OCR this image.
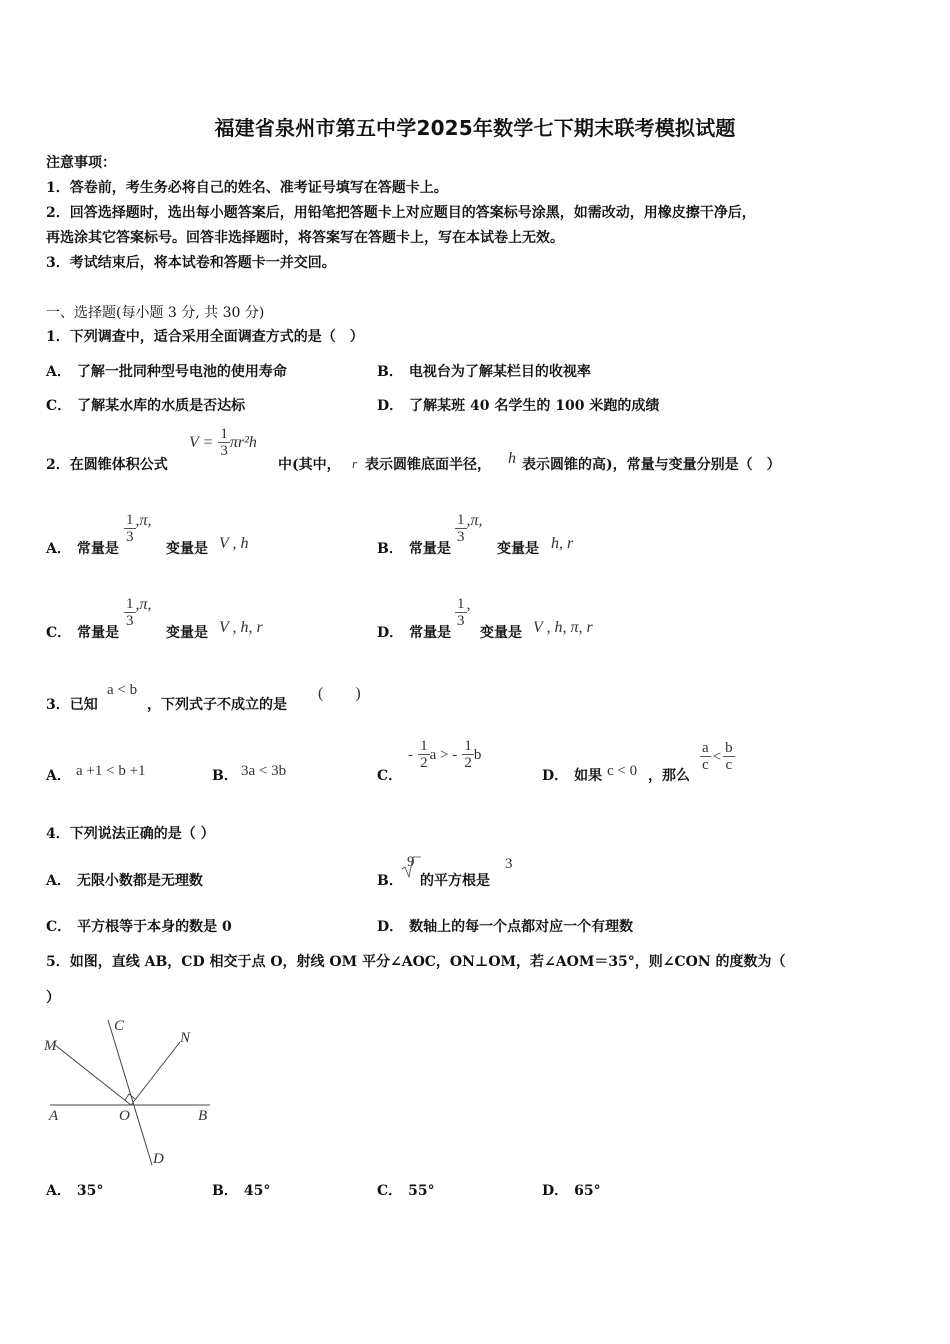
福建省泉州市第五中学2025年数学七下期末联考模拟试题
注意事项：
1．答卷前，考生务必将自己的姓名、准考证号填写在答题卡上。
2．回答选择题时，选出每小题答案后，用铅笔把答题卡上对应题目的答案标号涂黑，如需改动，用橡皮擦干净后，
再选涂其它答案标号。回答非选择题时，将答案写在答题卡上，写在本试卷上无效。
3．考试结束后，将本试卷和答题卡一并交回。
一、选择题(每小题 3 分, 共 30 分)
1．下列调查中，适合采用全面调查方式的是（　）
A． 了解一批同种型号电池的使用寿命	B． 电视台为了解某栏目的收视率
C． 了解某水库的水质是否达标	D． 了解某班 40 名学生的 100 米跑的成绩
2．在圆锥体积公式
$V = \frac{1}{3} \pi r^2h$
中(其中， r 表示圆锥底面半径， h 表示圆锥的高)，常量与变量分别是（　）
A． 常量是
$\frac{1}{3} ,\pi$,
变量是 V , h	B． 常量是
$\frac{1}{3} ,\pi$,
变量是 h, r
C． 常量是
$\frac{1}{3} ,\pi$,
变量是 V , h, r	D． 常量是
$\frac{1}{3}$ ,
变量是 V , h, π, r
3．已知
a < b
，下列式子不成立的是
(　　)
A． a +1 < b +1	B． 3a < 3b	C．
- $\frac{1}{2}$ a > - $\frac{1}{2}$ b
D． 如果 c < 0 ，那么
$\frac{a}{c} < \frac{b}{c}$
4．下列说法正确的是（ ）
A． 无限小数都是无理数	B．
9
的平方根是
3
C． 平方根等于本身的数是 0	D． 数轴上的每一个点都对应一个有理数
5．如图，直线 AB，CD 相交于点 O，射线 OM 平分∠AOC，ON⊥OM，若∠AOM＝35°，则∠CON 的度数为（
）
M
C
N
A	O	B
D
A． 35°	B． 45°	C． 55°	D． 65°
